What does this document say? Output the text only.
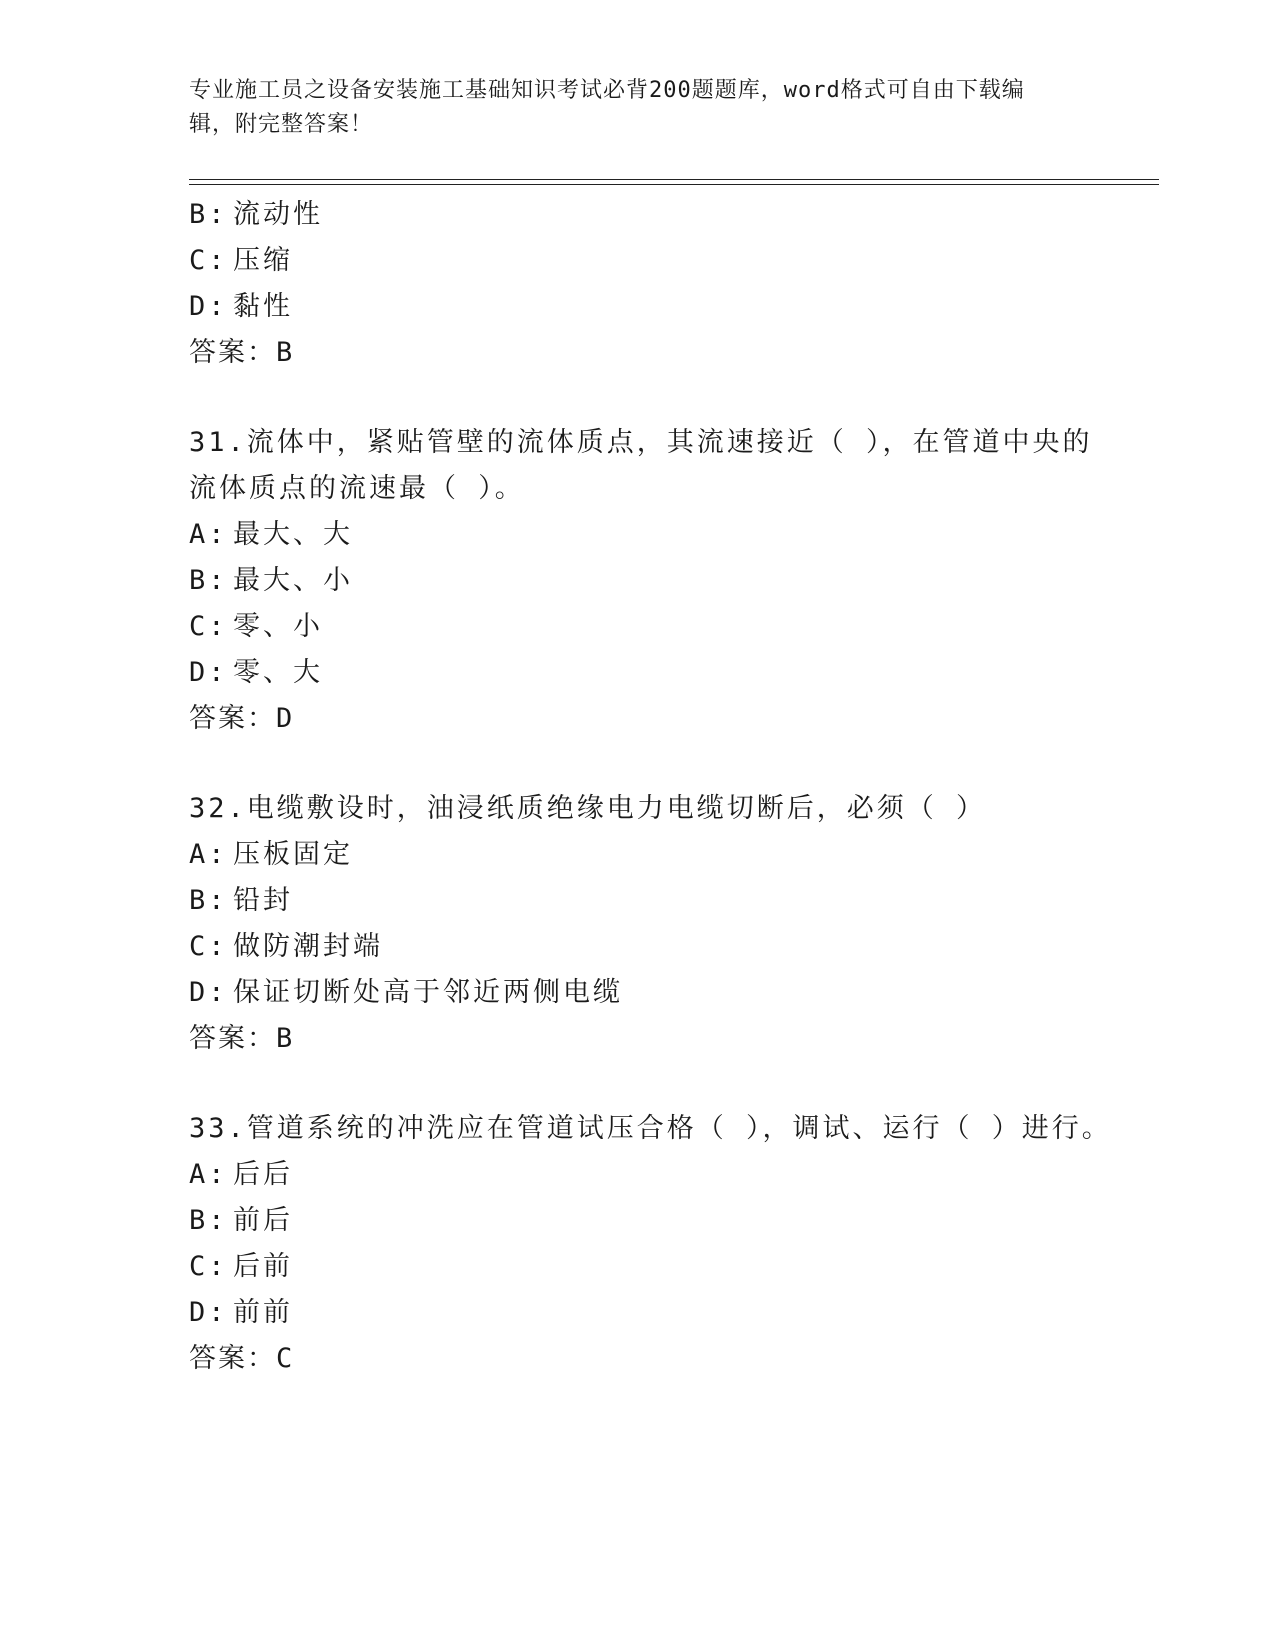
专业施工员之设备安装施工基础知识考试必背200题题库，word格式可自由下载编辑，附完整答案！
B: 流动性
C: 压缩
D: 黏性
答案：B
31.流体中，紧贴管壁的流体质点，其流速接近（ ），在管道中央的
流体质点的流速最（ ）。
A: 最大、大
B: 最大、小
C: 零、小
D: 零、大
答案：D
32.电缆敷设时，油浸纸质绝缘电力电缆切断后，必须（ ）
A: 压板固定
B: 铅封
C: 做防潮封端
D: 保证切断处高于邻近两侧电缆
答案：B
33.管道系统的冲洗应在管道试压合格（ ），调试、运行（ ）进行。
A: 后后
B: 前后
C: 后前
D: 前前
答案：C
